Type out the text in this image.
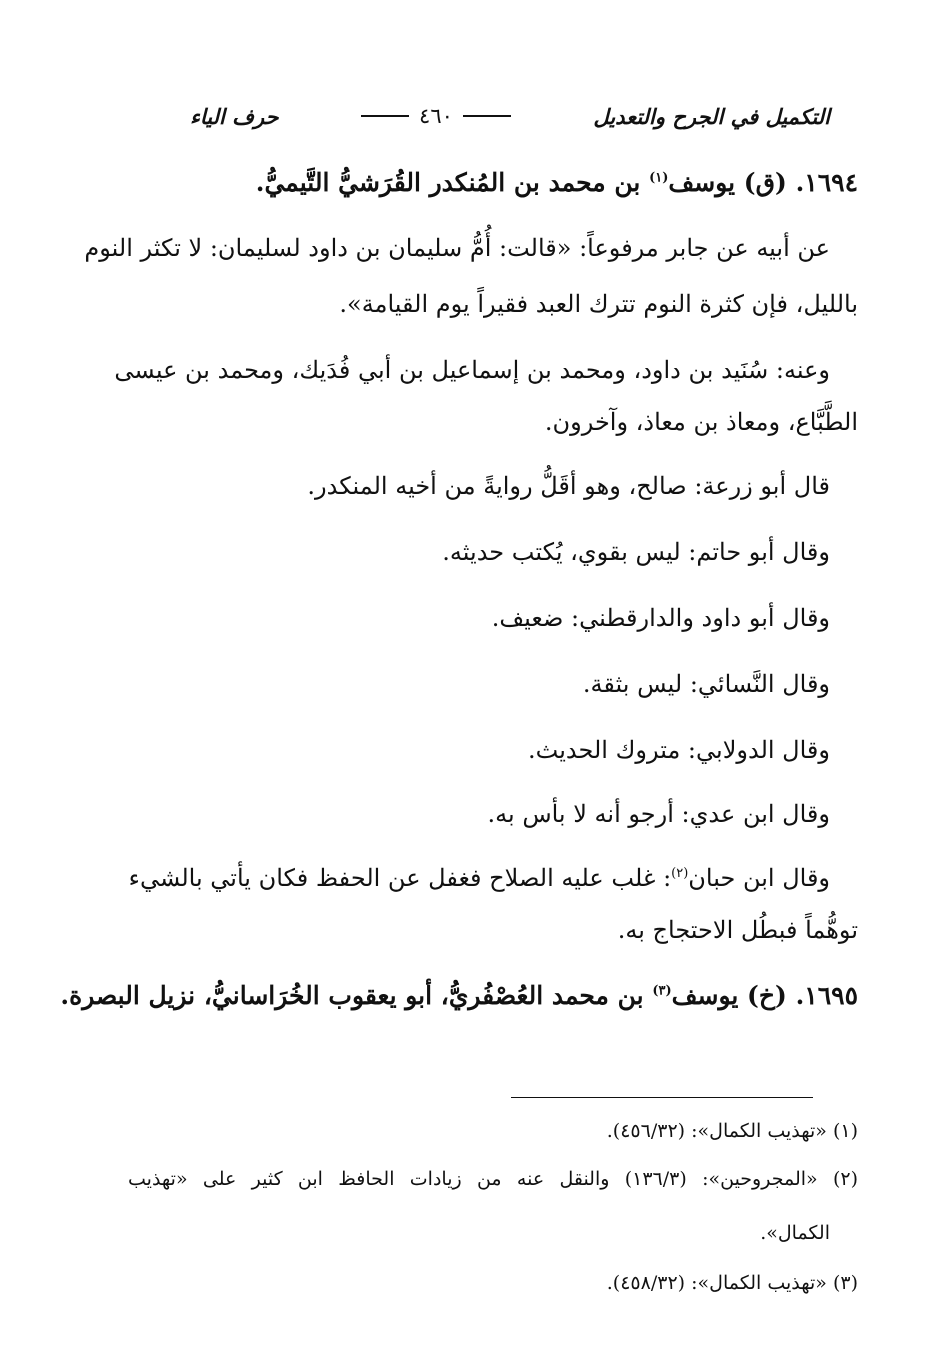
التكميل في الجرح والتعديل
٤٦٠
حرف الياء
١٦٩٤. (ق) يوسف$^{(١)}$ بن محمد بن المُنكدر القُرَشيُّ التَّيميُّ.
عن أبيه عن جابر مرفوعاً: «قالت: أُمُّ سليمان بن داود لسليمان: لا تكثر النوم
بالليل، فإن كثرة النوم تترك العبد فقيراً يوم القيامة».
وعنه: سُنَيد بن داود، ومحمد بن إسماعيل بن أبي فُدَيك، ومحمد بن عيسى
الطَّبَّاع، ومعاذ بن معاذ، وآخرون.
قال أبو زرعة: صالح، وهو أقَلُّ روايةً من أخيه المنكدر.
وقال أبو حاتم: ليس بقوي، يُكتب حديثه.
وقال أبو داود والدارقطني: ضعيف.
وقال النَّسائي: ليس بثقة.
وقال الدولابي: متروك الحديث.
وقال ابن عدي: أرجو أنه لا بأس به.
وقال ابن حبان$^{(٢)}$: غلب عليه الصلاح فغفل عن الحفظ فكان يأتي بالشيء
توهُّماً فبطُل الاحتجاج به.
١٦٩٥. (خ) يوسف$^{(٣)}$ بن محمد العُصْفُريُّ، أبو يعقوب الخُرَاسانيُّ، نزيل البصرة.
(١) «تهذيب الكمال»: (٤٥٦/٣٢).
(٢) «المجروحين»: (١٣٦/٣) والنقل عنه من زيادات الحافظ ابن كثير على «تهذيب
الكمال».
(٣) «تهذيب الكمال»: (٤٥٨/٣٢).
